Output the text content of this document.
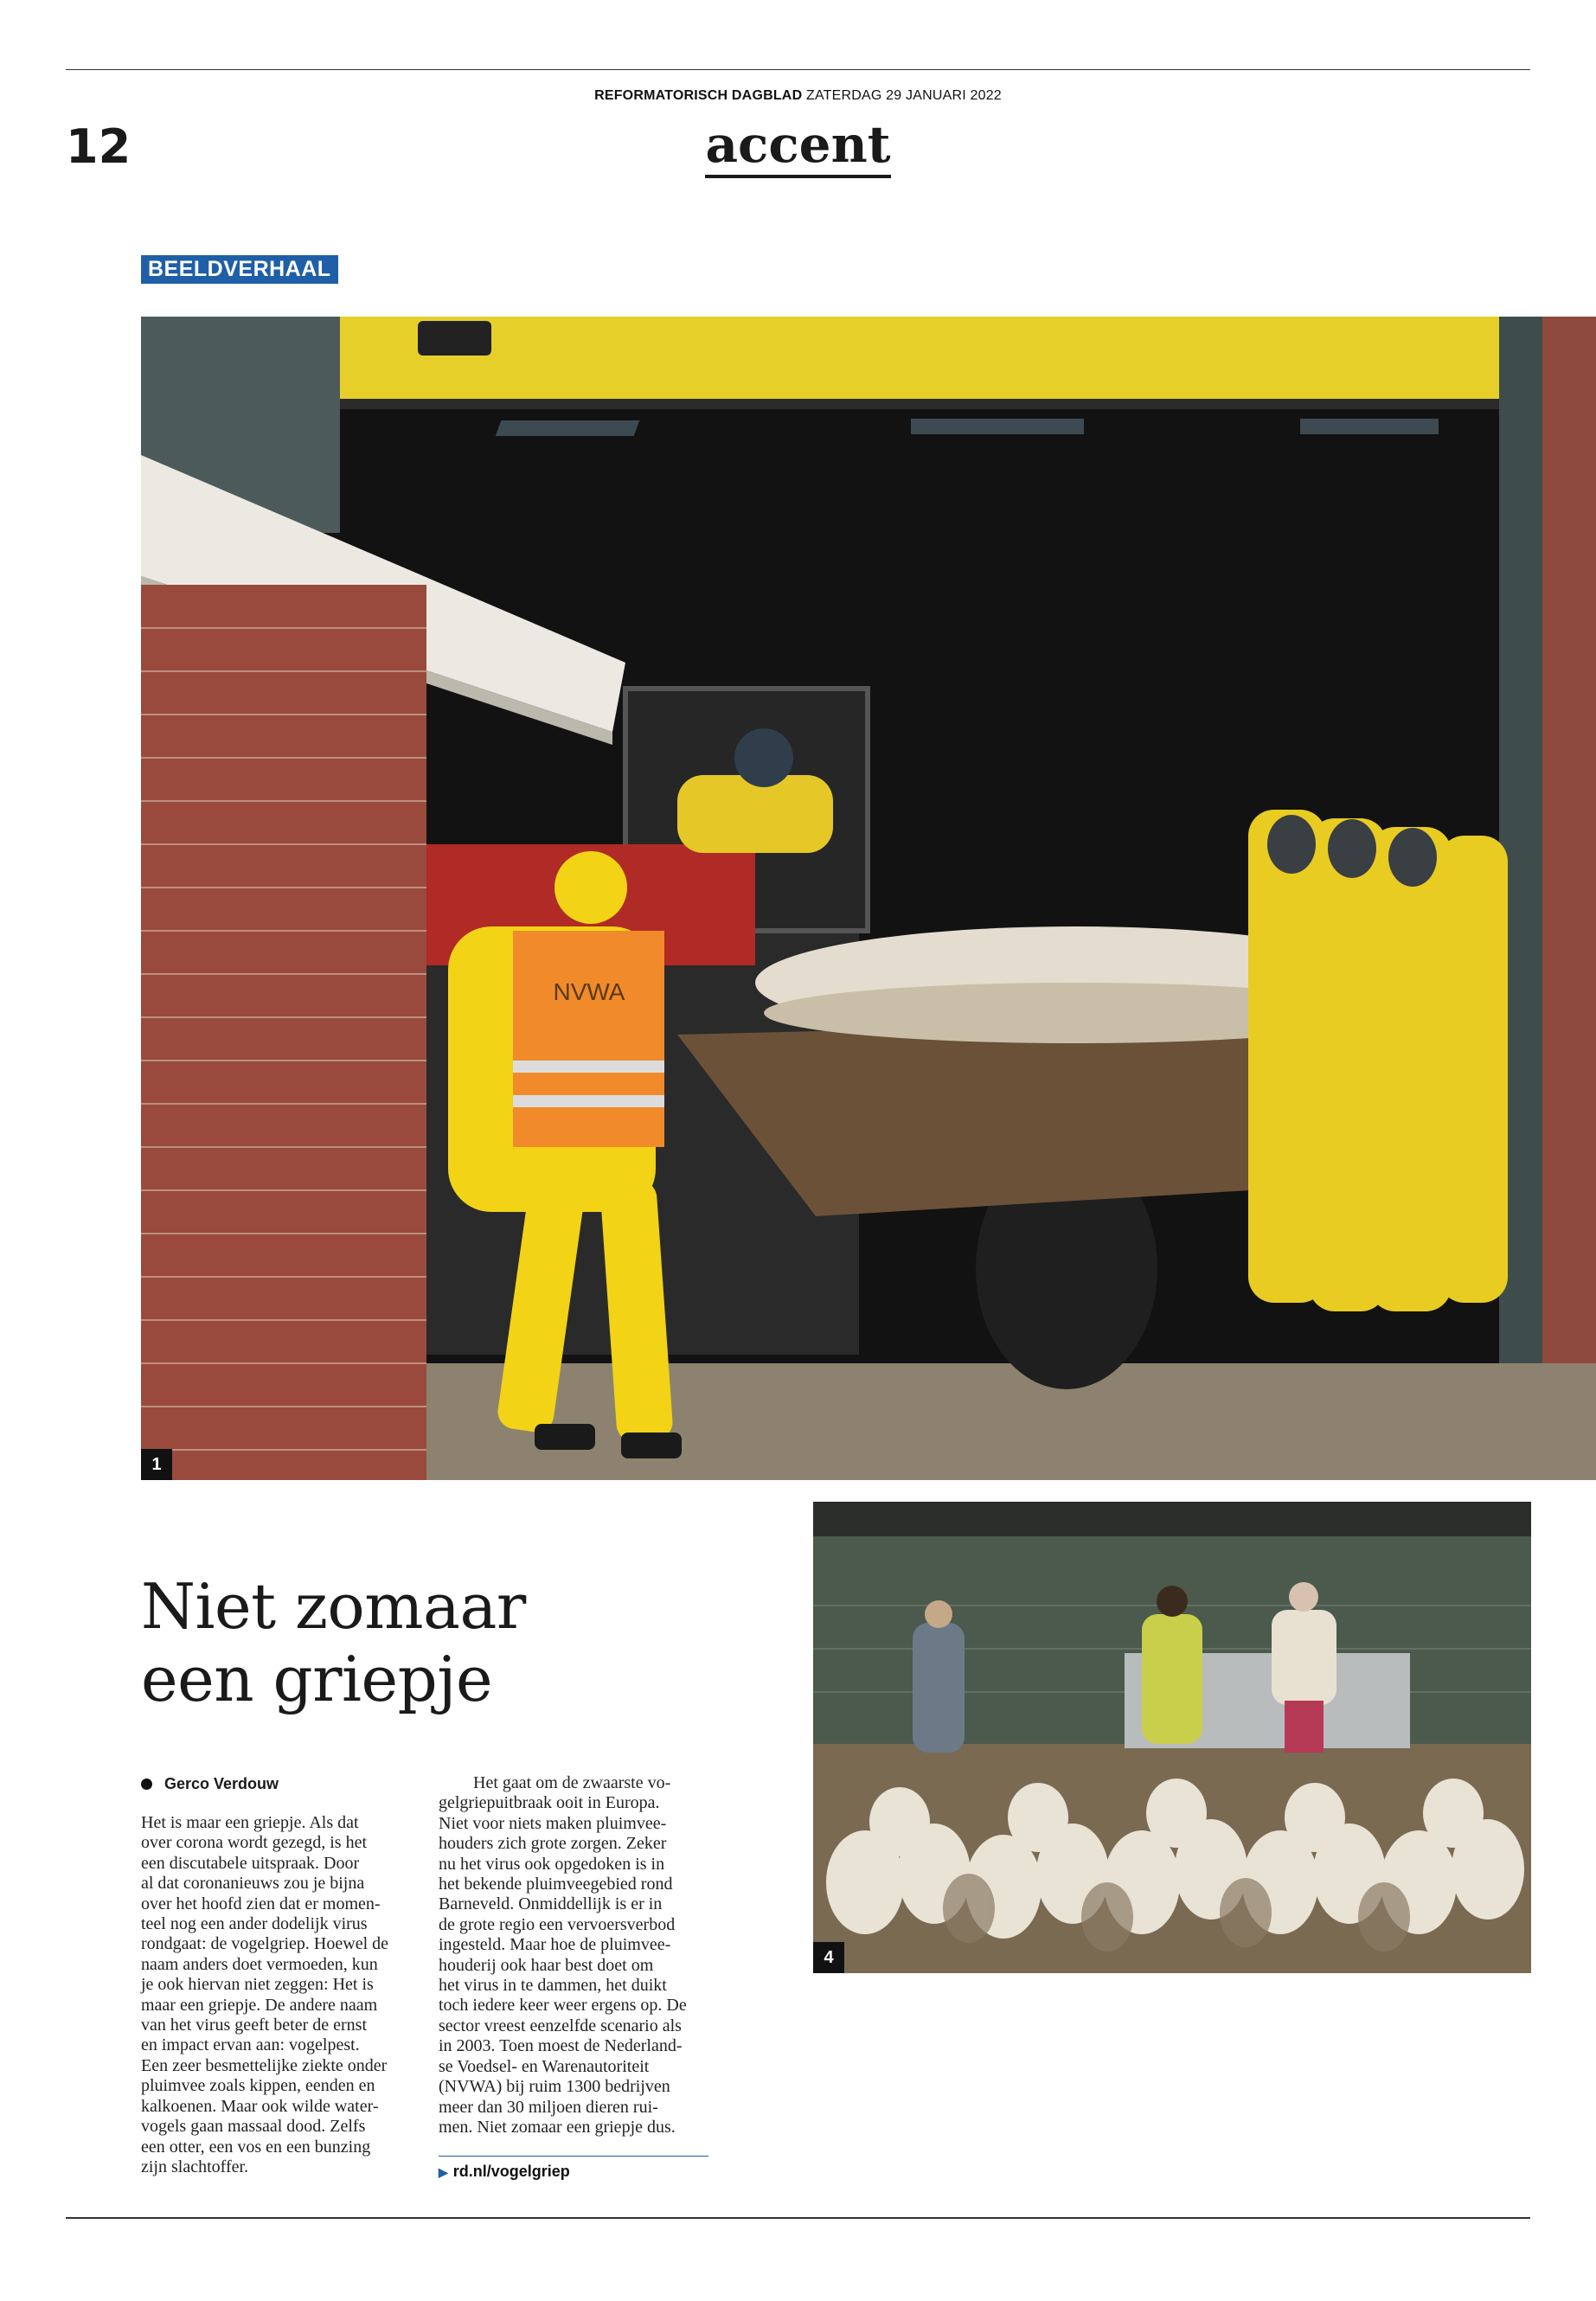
REFORMATORISCH DAGBLAD ZATERDAG 29 JANUARI 2022
12	accent
BEELDVERHAAL
NVWA
1
4
Niet zomaar
een griepje
Gerco Verdouw
Het is maar een griepje. Als dat
over corona wordt gezegd, is het
een discutabele uitspraak. Door
al dat coronanieuws zou je bijna
over het hoofd zien dat er momen-
teel nog een ander dodelijk virus
rondgaat: de vogelgriep. Hoewel de
naam anders doet vermoeden, kun
je ook hiervan niet zeggen: Het is
maar een griepje. De andere naam
van het virus geeft beter de ernst
en impact ervan aan: vogelpest.
Een zeer besmettelijke ziekte onder
pluimvee zoals kippen, eenden en
kalkoenen. Maar ook wilde water-
vogels gaan massaal dood. Zelfs
een otter, een vos en een bunzing
zijn slachtoffer.
  Het gaat om de zwaarste vo-
gelgriepuitbraak ooit in Europa.
Niet voor niets maken pluimvee-
houders zich grote zorgen. Zeker
nu het virus ook opgedoken is in
het bekende pluimveegebied rond
Barneveld. Onmiddellijk is er in
de grote regio een vervoersverbod
ingesteld. Maar hoe de pluimvee-
houderij ook haar best doet om
het virus in te dammen, het duikt
toch iedere keer weer ergens op. De
sector vreest eenzelfde scenario als
in 2003. Toen moest de Nederland-
se Voedsel- en Warenautoriteit
(NVWA) bij ruim 1300 bedrijven
meer dan 30 miljoen dieren rui-
men. Niet zomaar een griepje dus.
▶ rd.nl/vogelgriep
